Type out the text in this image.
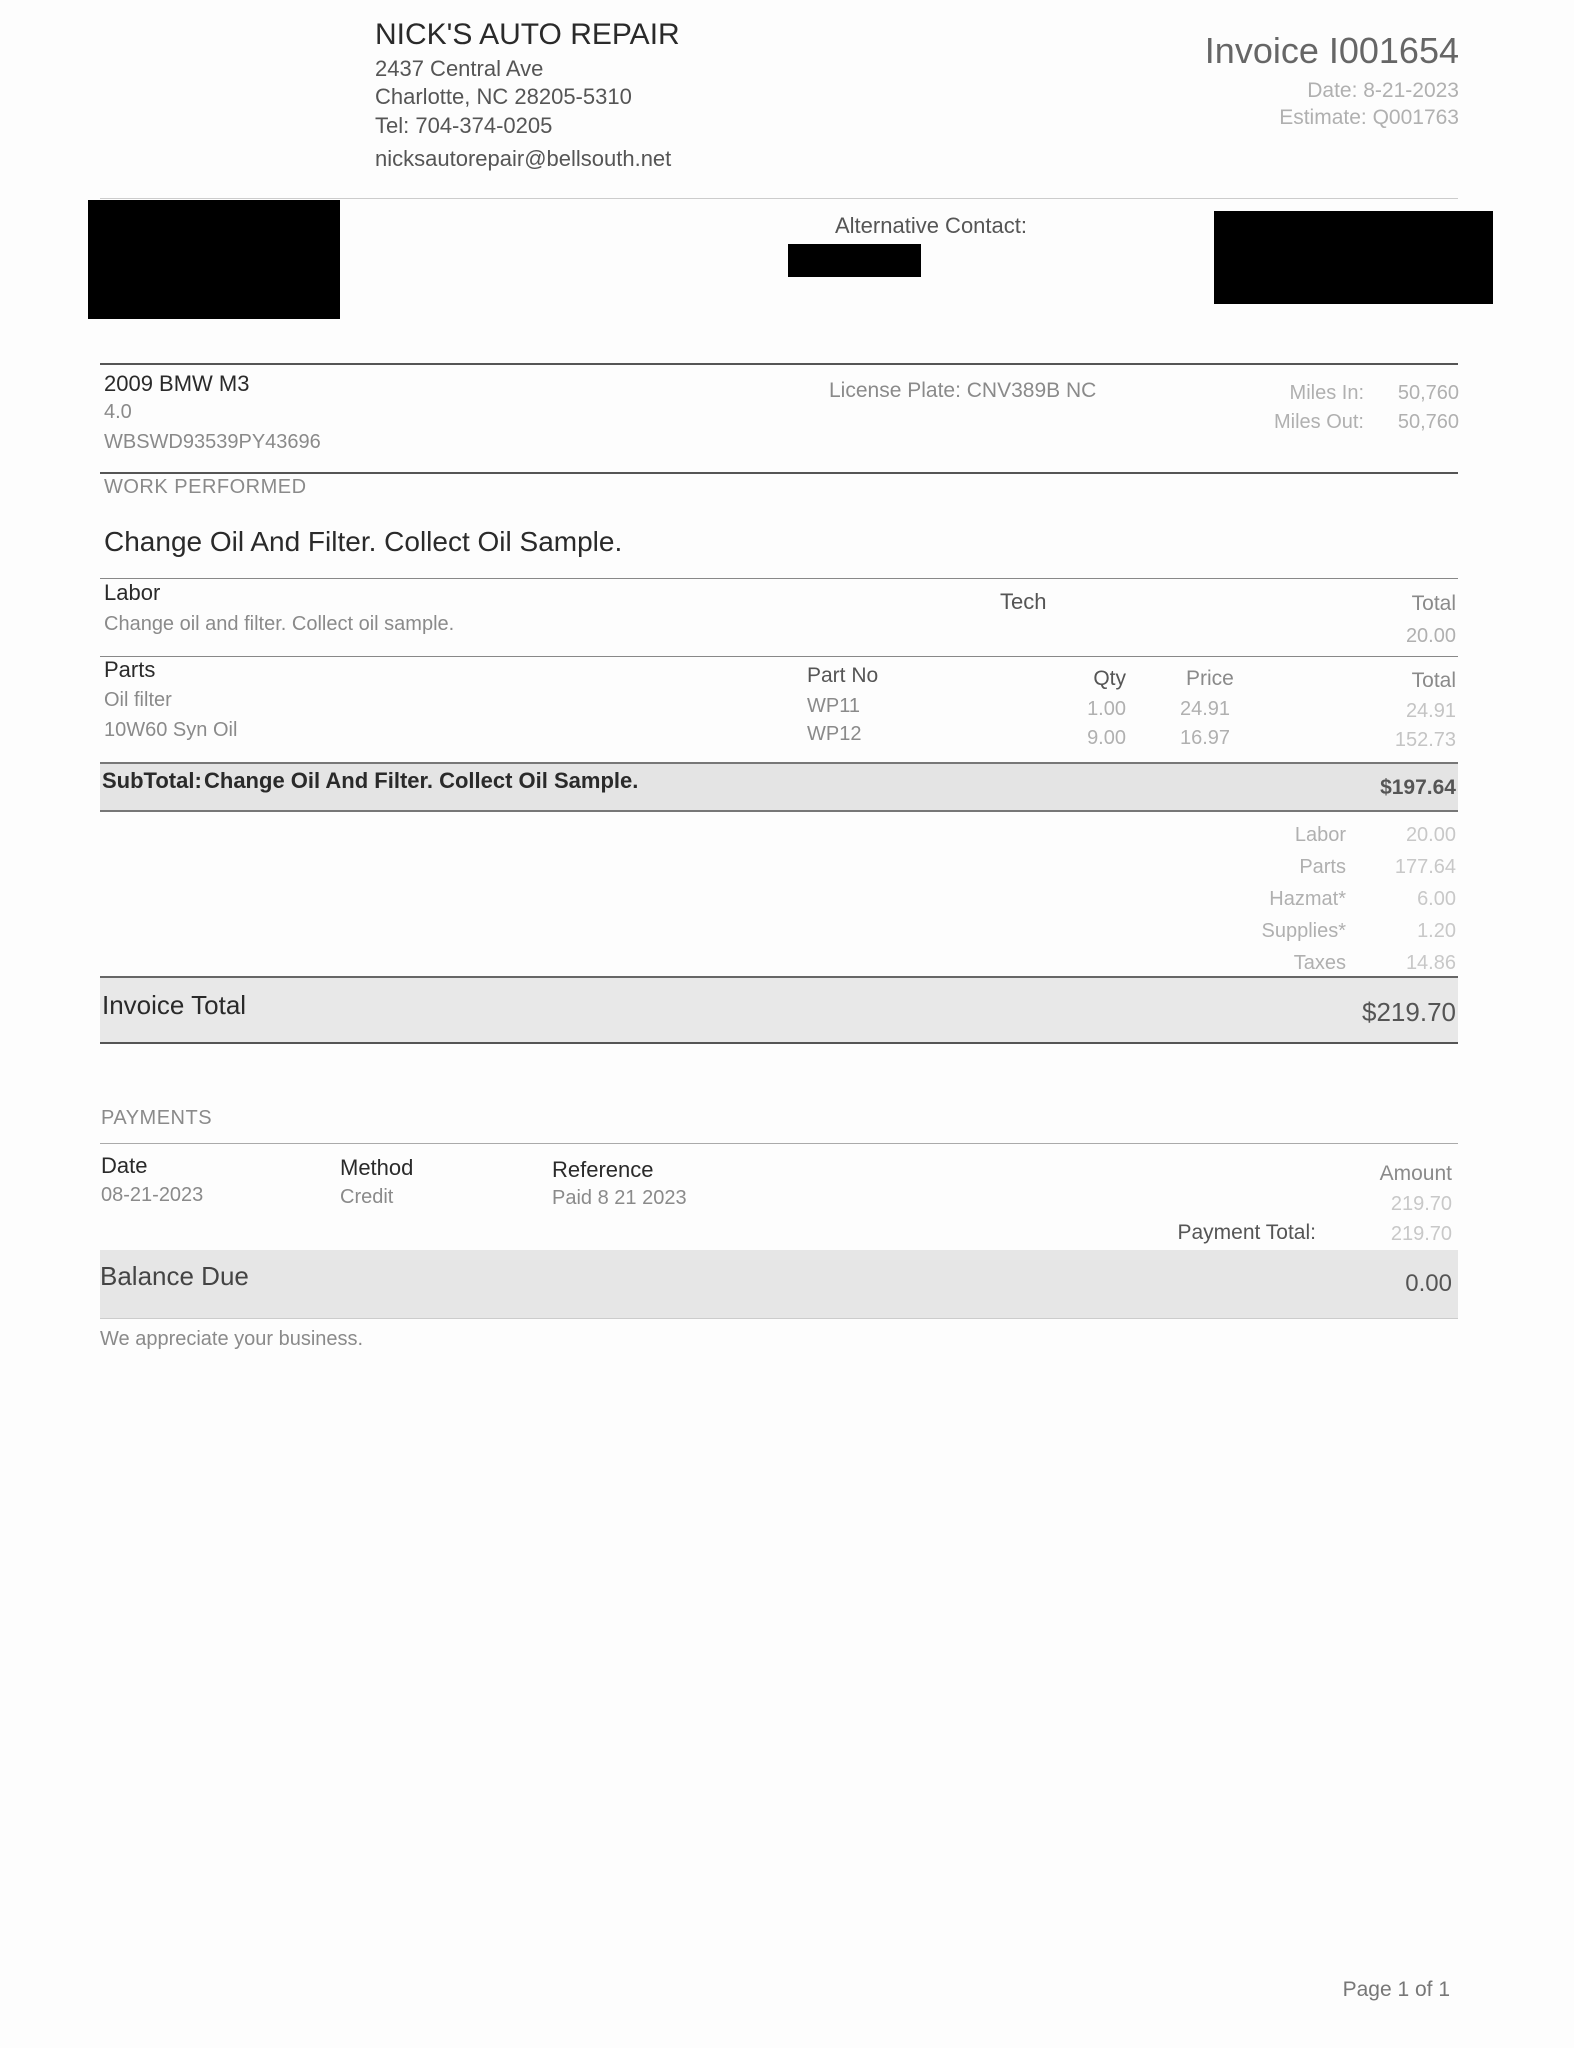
NICK'S AUTO REPAIR
2437 Central Ave
Charlotte, NC 28205-5310
Tel: 704-374-0205
nicksautorepair@bellsouth.net
Invoice I001654
Date: 8-21-2023
Estimate: Q001763
Alternative Contact:
2009 BMW M3
4.0
WBSWD93539PY43696
License Plate: CNV389B NC	Miles In: 50,760
Miles Out: 50,760
WORK PERFORMED
Change Oil And Filter. Collect Oil Sample.
Labor
Change oil and filter. Collect oil sample.
Tech	Total
20.00
Parts	Part No	Qty	Price	Total
Oil filter	WP11	1.00	24.91	24.91
10W60 Syn Oil	WP12	9.00	16.97	152.73
SubTotal: Change Oil And Filter. Collect Oil Sample.	$197.64
Labor	20.00
Parts 177.64
Hazmat*	6.00
Supplies*	1.20
Taxes	14.86
Invoice Total	$219.70
PAYMENTS
Date	Method	Reference	Amount
08-21-2023	Credit	Paid 8 21 2023	219.70
Payment Total:	219.70
Balance Due	0.00
We appreciate your business.
Page 1 of 1
